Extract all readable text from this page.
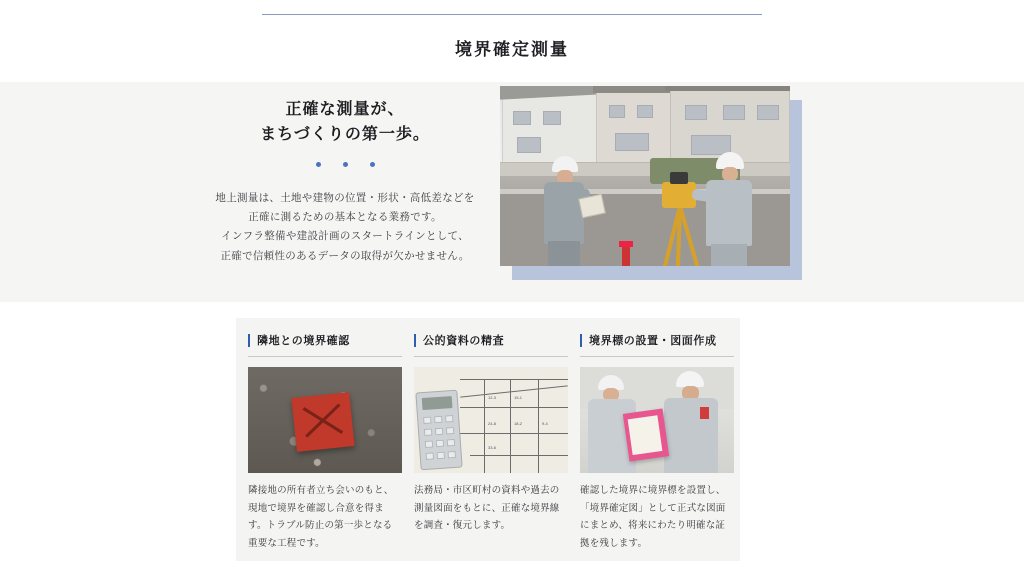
境界確定測量
正確な測量が、
まちづくりの第一歩。
地上測量は、土地や建物の位置・形状・高低差などを
正確に測るための基本となる業務です。
インフラ整備や建設計画のスタートラインとして、
正確で信頼性のあるデータの取得が欠かせません。
隣地との境界確認
隣接地の所有者立ち会いのもと、
現地で境界を確認し合意を得ま
す。トラブル防止の第一歩となる
重要な工程です。
公的資料の精査
12-3	15-1
24-8	18-2	9-4
33-6
法務局・市区町村の資料や過去の
測量図面をもとに、正確な境界線
を調査・復元します。
境界標の設置・図面作成
確認した境界に境界標を設置し、
「境界確定図」として正式な図面
にまとめ、将来にわたり明確な証
拠を残します。
